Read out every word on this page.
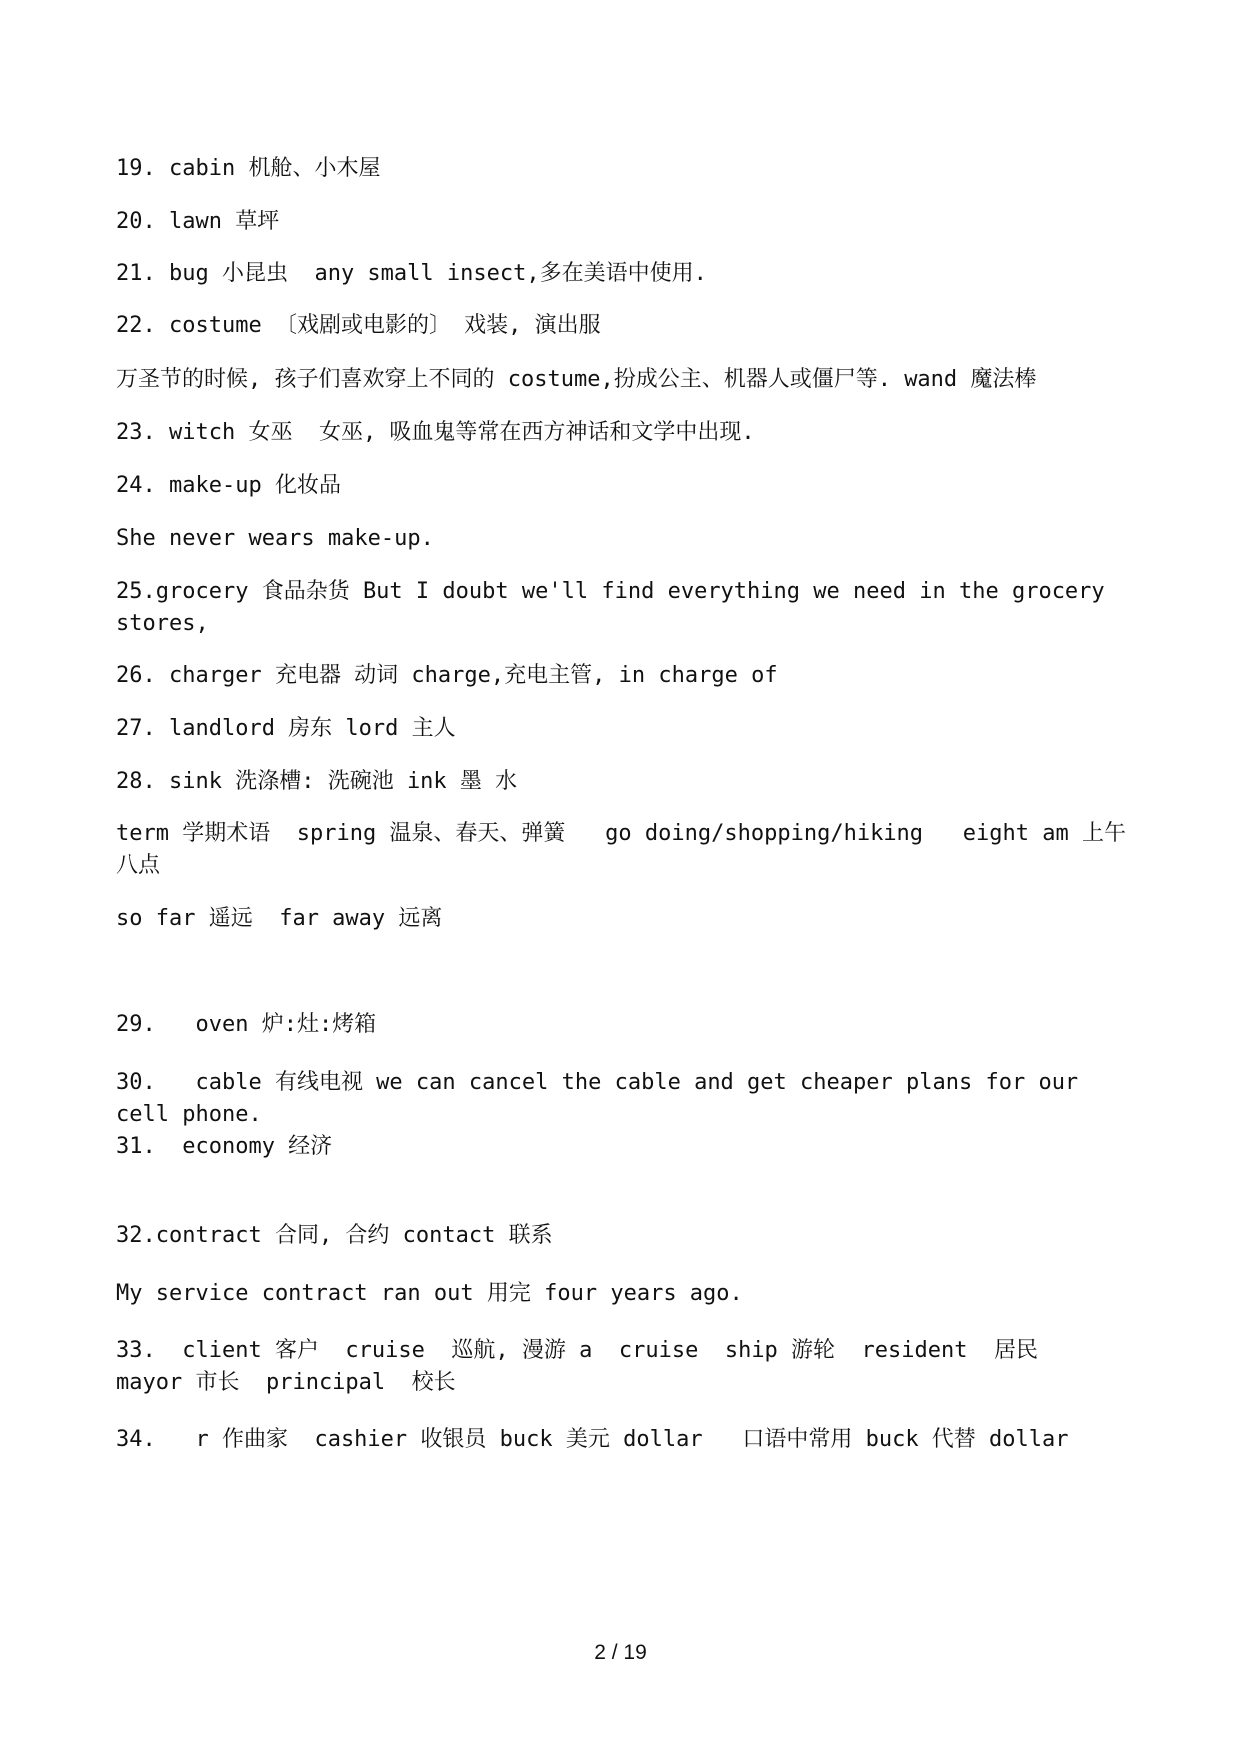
19. cabin 机舱、小木屋

20. lawn 草坪

21. bug 小昆虫  any small insect,多在美语中使用.

22. costume 〔戏剧或电影的〕 戏装, 演出服

万圣节的时候, 孩子们喜欢穿上不同的 costume,扮成公主、机器人或僵尸等. wand 魔法棒

23. witch 女巫  女巫, 吸血鬼等常在西方神话和文学中出现.

24. make-up 化妆品

She never wears make-up.

25.grocery 食品杂货 But I doubt we'll find everything we need in the grocery stores,

26. charger 充电器 动词 charge,充电主管, in charge of

27. landlord 房东 lord 主人

28. sink 洗涤槽: 洗碗池 ink 墨 水

term 学期术语  spring 温泉、春天、弹簧   go doing/shopping/hiking   eight am 上午八点

so far 遥远  far away 远离

29.   oven 炉:灶:烤箱

30.   cable 有线电视 we can cancel the cable and get cheaper plans for our cell phone.

31.  economy 经济

32.contract 合同, 合约 contact 联系

My service contract ran out 用完 four years ago.

33.  client 客户  cruise  巡航, 漫游 a  cruise  ship 游轮  resident  居民   mayor 市长  principal  校长

34.   r 作曲家  cashier 收银员 buck 美元 dollar   口语中常用 buck 代替 dollar

2 / 19
